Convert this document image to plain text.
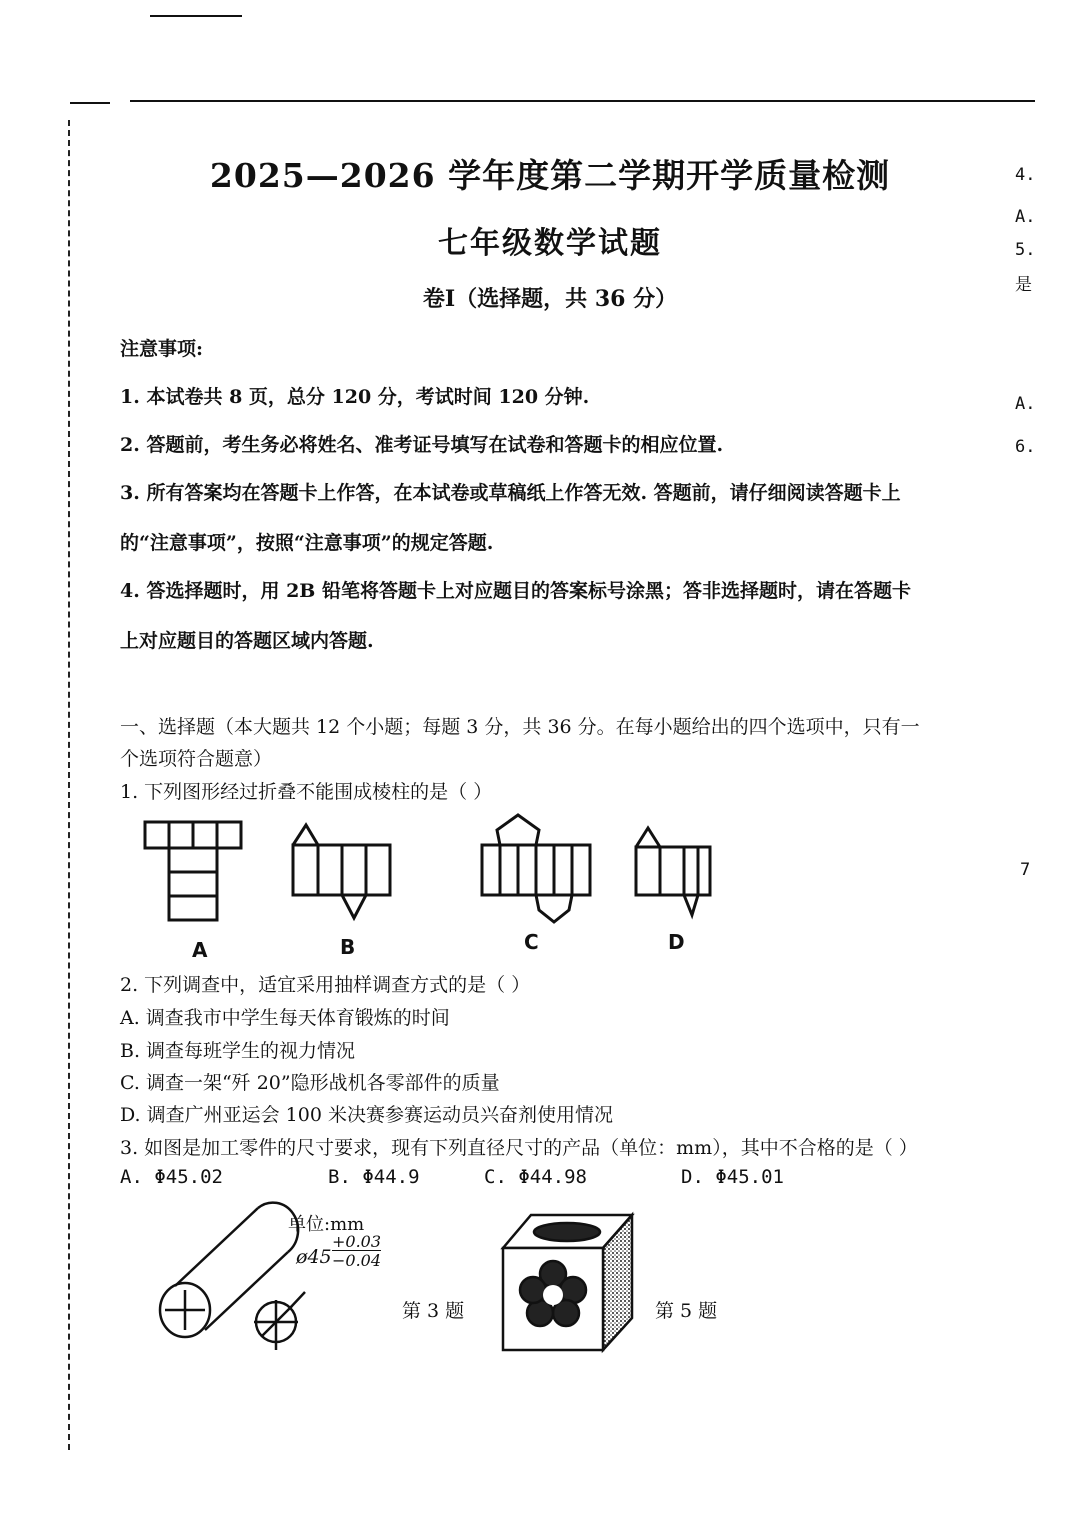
2025—2026 学年度第二学期开学质量检测
七年级数学试题
卷Ⅰ（选择题，共 36 分）
注意事项:
1. 本试卷共 8 页，总分 120 分，考试时间 120 分钟.
2. 答题前，考生务必将姓名、准考证号填写在试卷和答题卡的相应位置.
3. 所有答案均在答题卡上作答，在本试卷或草稿纸上作答无效. 答题前，请仔细阅读答题卡上
的“注意事项”，按照“注意事项”的规定答题.
4. 答选择题时，用 2B 铅笔将答题卡上对应题目的答案标号涂黑；答非选择题时，请在答题卡
上对应题目的答题区域内答题.
一、选择题（本大题共 12 个小题；每题 3 分，共 36 分。在每小题给出的四个选项中，只有一
个选项符合题意）
1. 下列图形经过折叠不能围成棱柱的是（ ）
A	B	C	D
2. 下列调查中，适宜采用抽样调查方式的是（ ）
A. 调查我市中学生每天体育锻炼的时间
B. 调查每班学生的视力情况
C. 调查一架“歼 20”隐形战机各零部件的质量
D. 调查广州亚运会 100 米决赛参赛运动员兴奋剂使用情况
3. 如图是加工零件的尺寸要求，现有下列直径尺寸的产品（单位：mm），其中不合格的是（ ）
A. Φ45.02	B. Φ44.9	C. Φ44.98	D. Φ45.01
单位:mm
ø45
+0.03
−0.04
第 3 题	第 5 题
4.
A.
5.
是
A.
6.
7
